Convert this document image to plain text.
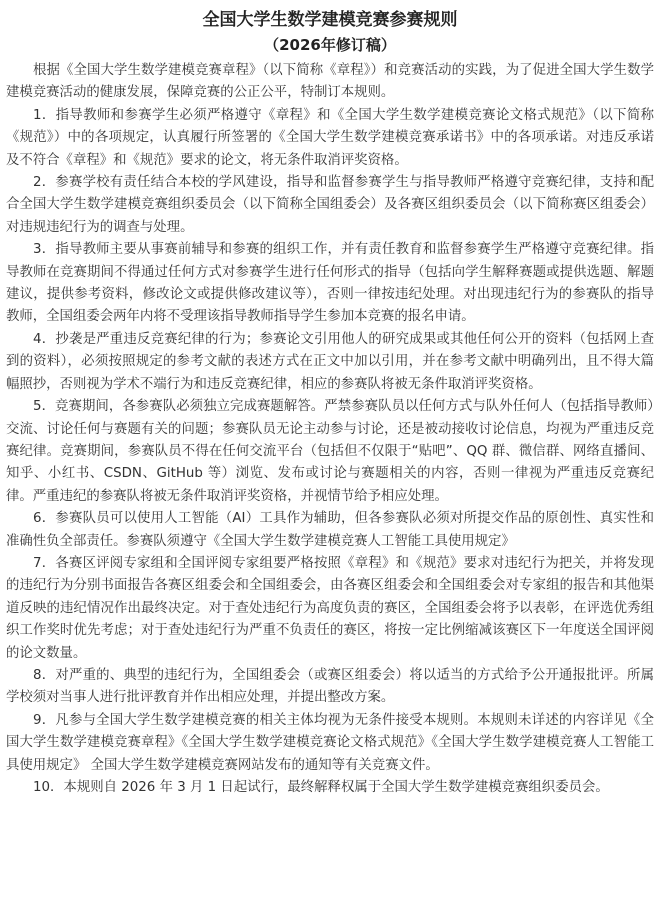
全国大学生数学建模竞赛参赛规则
（2026年修订稿）

根据《全国大学生数学建模竞赛章程》（以下简称《章程》）和竞赛活动的实践，为了促进全国大学生数学建模竞赛活动的健康发展，保障竞赛的公正公平，特制订本规则。

1．指导教师和参赛学生必须严格遵守《章程》和《全国大学生数学建模竞赛论文格式规范》（以下简称《规范》）中的各项规定，认真履行所签署的《全国大学生数学建模竞赛承诺书》中的各项承诺。对违反承诺及不符合《章程》和《规范》要求的论文，将无条件取消评奖资格。

2．参赛学校有责任结合本校的学风建设，指导和监督参赛学生与指导教师严格遵守竞赛纪律，支持和配合全国大学生数学建模竞赛组织委员会（以下简称全国组委会）及各赛区组织委员会（以下简称赛区组委会）对违规违纪行为的调查与处理。

3．指导教师主要从事赛前辅导和参赛的组织工作，并有责任教育和监督参赛学生严格遵守竞赛纪律。指导教师在竞赛期间不得通过任何方式对参赛学生进行任何形式的指导（包括向学生解释赛题或提供选题、解题建议，提供参考资料，修改论文或提供修改建议等），否则一律按违纪处理。对出现违纪行为的参赛队的指导教师，全国组委会两年内将不受理该指导教师指导学生参加本竞赛的报名申请。

4．抄袭是严重违反竞赛纪律的行为；参赛论文引用他人的研究成果或其他任何公开的资料（包括网上查到的资料），必须按照规定的参考文献的表述方式在正文中加以引用，并在参考文献中明确列出，且不得大篇幅照抄，否则视为学术不端行为和违反竞赛纪律，相应的参赛队将被无条件取消评奖资格。

5．竞赛期间，各参赛队必须独立完成赛题解答。严禁参赛队员以任何方式与队外任何人（包括指导教师）交流、讨论任何与赛题有关的问题；参赛队员无论主动参与讨论，还是被动接收讨论信息，均视为严重违反竞赛纪律。竞赛期间，参赛队员不得在任何交流平台（包括但不仅限于“贴吧”、QQ 群、微信群、网络直播间、知乎、小红书、CSDN、GitHub 等）浏览、发布或讨论与赛题相关的内容，否则一律视为严重违反竞赛纪律。严重违纪的参赛队将被无条件取消评奖资格，并视情节给予相应处理。

6．参赛队员可以使用人工智能（AI）工具作为辅助，但各参赛队必须对所提交作品的原创性、真实性和准确性负全部责任。参赛队须遵守《全国大学生数学建模竞赛人工智能工具使用规定》

7．各赛区评阅专家组和全国评阅专家组要严格按照《章程》和《规范》要求对违纪行为把关，并将发现的违纪行为分别书面报告各赛区组委会和全国组委会，由各赛区组委会和全国组委会对专家组的报告和其他渠道反映的违纪情况作出最终决定。对于查处违纪行为高度负责的赛区，全国组委会将予以表彰，在评选优秀组织工作奖时优先考虑；对于查处违纪行为严重不负责任的赛区，将按一定比例缩减该赛区下一年度送全国评阅的论文数量。

8．对严重的、典型的违纪行为，全国组委会（或赛区组委会）将以适当的方式给予公开通报批评。所属学校须对当事人进行批评教育并作出相应处理，并提出整改方案。

9．凡参与全国大学生数学建模竞赛的相关主体均视为无条件接受本规则。本规则未详述的内容详见《全国大学生数学建模竞赛章程》《全国大学生数学建模竞赛论文格式规范》《全国大学生数学建模竞赛人工智能工具使用规定》 全国大学生数学建模竞赛网站发布的通知等有关竞赛文件。

10．本规则自 2026 年 3 月 1 日起试行，最终解释权属于全国大学生数学建模竞赛组织委员会。
